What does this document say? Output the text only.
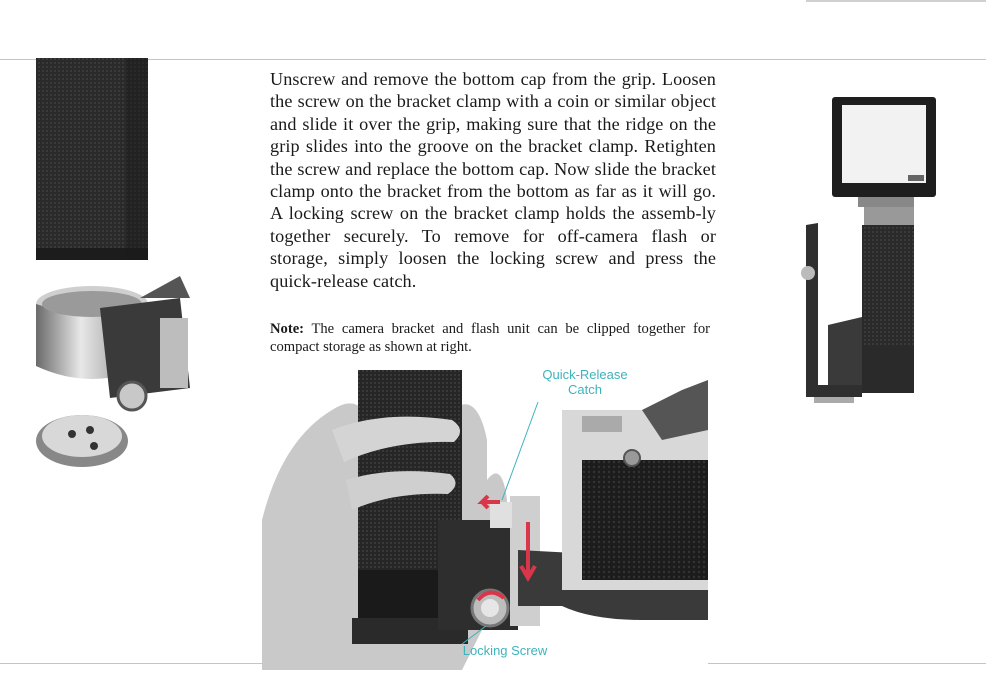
Unscrew and remove the bottom cap from the grip. Loosen the screw on the bracket clamp with a coin or similar object and slide it over the grip, making sure that the ridge on the grip slides into the groove on the bracket clamp. Retighten the screw and replace the bottom cap. Now slide the bracket clamp onto the bracket from the bottom as far as it will go. A locking screw on the bracket clamp holds the assemb-ly together securely. To remove for off-camera flash or storage, simply loosen the locking screw and press the quick-release catch.
Note: The camera bracket and flash unit can be clipped together for compact storage as shown at right.
Quick-Release
Catch
Locking Screw
